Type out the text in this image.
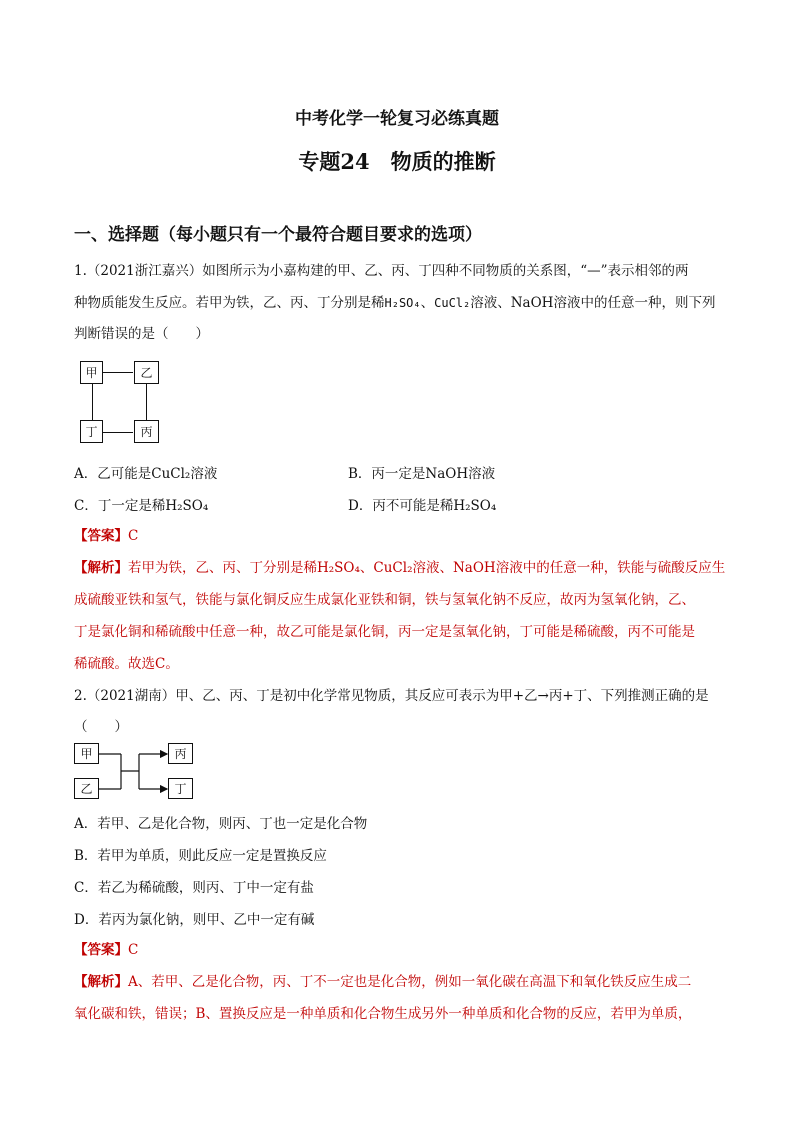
中考化学一轮复习必练真题
专题24　物质的推断
一、选择题（每小题只有一个最符合题目要求的选项）
1.（2021浙江嘉兴）如图所示为小嘉构建的甲、乙、丙、丁四种不同物质的关系图，“—”表示相邻的两
种物质能发生反应。若甲为铁，乙、丙、丁分别是稀H₂SO₄、CuCl₂溶液、NaOH溶液中的任意一种，则下列
判断错误的是（　　）
甲	乙
丁	丙
A．乙可能是CuCl₂溶液	B．丙一定是NaOH溶液
C．丁一定是稀H₂SO₄	D．丙不可能是稀H₂SO₄
【答案】C
【解析】若甲为铁，乙、丙、丁分别是稀H₂SO₄、CuCl₂溶液、NaOH溶液中的任意一种，铁能与硫酸反应生
成硫酸亚铁和氢气，铁能与氯化铜反应生成氯化亚铁和铜，铁与氢氧化钠不反应，故丙为氢氧化钠，乙、
丁是氯化铜和稀硫酸中任意一种，故乙可能是氯化铜，丙一定是氢氧化钠，丁可能是稀硫酸，丙不可能是
稀硫酸。故选C。
2.（2021湖南）甲、乙、丙、丁是初中化学常见物质，其反应可表示为甲+乙→丙+丁、下列推测正确的是
（　　）
甲
乙
丙
丁
A．若甲、乙是化合物，则丙、丁也一定是化合物
B．若甲为单质，则此反应一定是置换反应
C．若乙为稀硫酸，则丙、丁中一定有盐
D．若丙为氯化钠，则甲、乙中一定有碱
【答案】C
【解析】A、若甲、乙是化合物，丙、丁不一定也是化合物，例如一氧化碳在高温下和氧化铁反应生成二
氧化碳和铁，错误；B、置换反应是一种单质和化合物生成另外一种单质和化合物的反应，若甲为单质，
